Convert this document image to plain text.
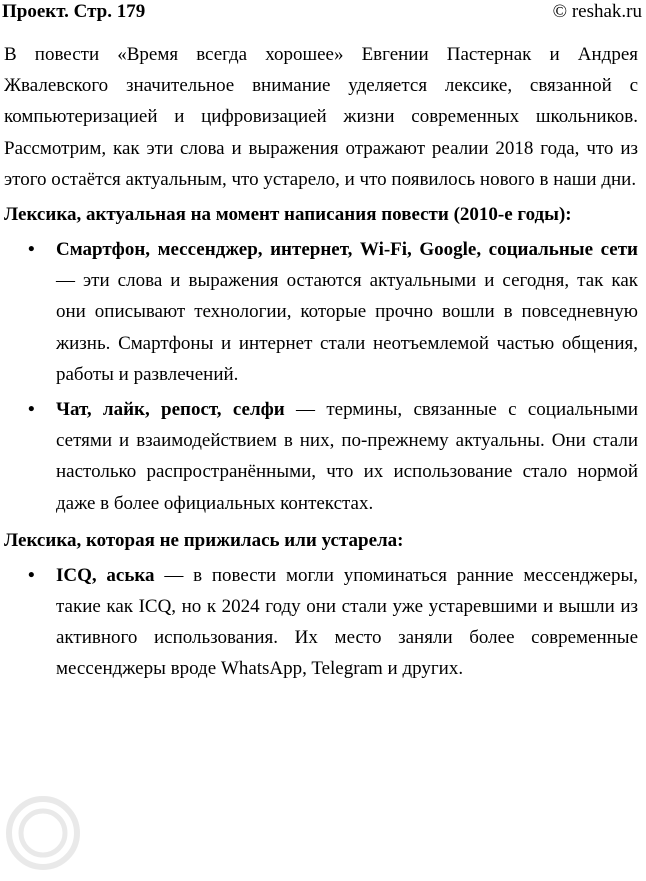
Проект. Стр. 179	© reshak.ru

В повести «Время всегда хорошее» Евгении Пастернак и Андрея Жвалевского значительное внимание уделяется лексике, связанной с компьютеризацией и цифровизацией жизни современных школьников. Рассмотрим, как эти слова и выражения отражают реалии 2018 года, что из этого остаётся актуальным, что устарело, и что появилось нового в наши дни.

Лексика, актуальная на момент написания повести (2010-е годы):
• Смартфон, мессенджер, интернет, Wi-Fi, Google, социальные сети — эти слова и выражения остаются актуальными и сегодня, так как они описывают технологии, которые прочно вошли в повседневную жизнь. Смартфоны и интернет стали неотъемлемой частью общения, работы и развлечений.
• Чат, лайк, репост, селфи — термины, связанные с социальными сетями и взаимодействием в них, по-прежнему актуальны. Они стали настолько распространёнными, что их использование стало нормой даже в более официальных контекстах.
Лексика, которая не прижилась или устарела:
• ICQ, аська — в повести могли упоминаться ранние мессенджеры, такие как ICQ, но к 2024 году они стали уже устаревшими и вышли из активного использования. Их место заняли более современные мессенджеры вроде WhatsApp, Telegram и других.
